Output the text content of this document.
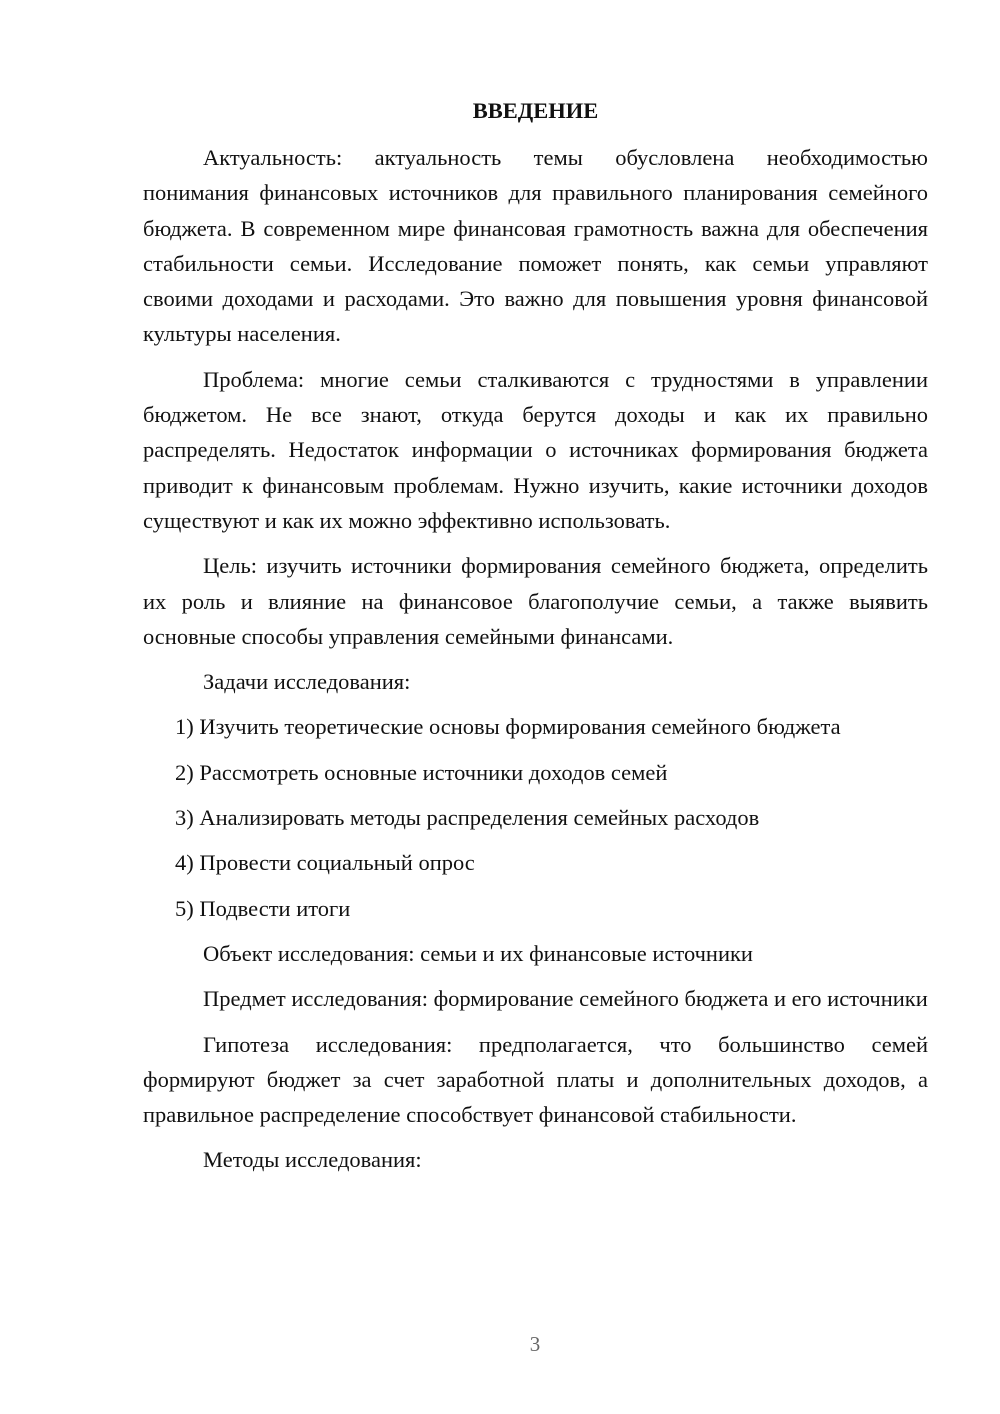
ВВЕДЕНИЕ

Актуальность: актуальность темы обусловлена необходимостью понимания финансовых источников для правильного планирования семейного бюджета. В современном мире финансовая грамотность важна для обеспечения стабильности семьи. Исследование поможет понять, как семьи управляют своими доходами и расходами. Это важно для повышения уровня финансовой культуры населения.

Проблема: многие семьи сталкиваются с трудностями в управлении бюджетом. Не все знают, откуда берутся доходы и как их правильно распределять. Недостаток информации о источниках формирования бюджета приводит к финансовым проблемам. Нужно изучить, какие источники доходов существуют и как их можно эффективно использовать.

Цель: изучить источники формирования семейного бюджета, определить их роль и влияние на финансовое благополучие семьи, а также выявить основные способы управления семейными финансами.

Задачи исследования:

1) Изучить теоретические основы формирования семейного бюджета
2) Рассмотреть основные источники доходов семей
3) Анализировать методы распределения семейных расходов
4) Провести социальный опрос
5) Подвести итоги

Объект исследования: семьи и их финансовые источники

Предмет исследования: формирование семейного бюджета и его источники

Гипотеза исследования: предполагается, что большинство семей формируют бюджет за счет заработной платы и дополнительных доходов, а правильное распределение способствует финансовой стабильности.

Методы исследования:

3
